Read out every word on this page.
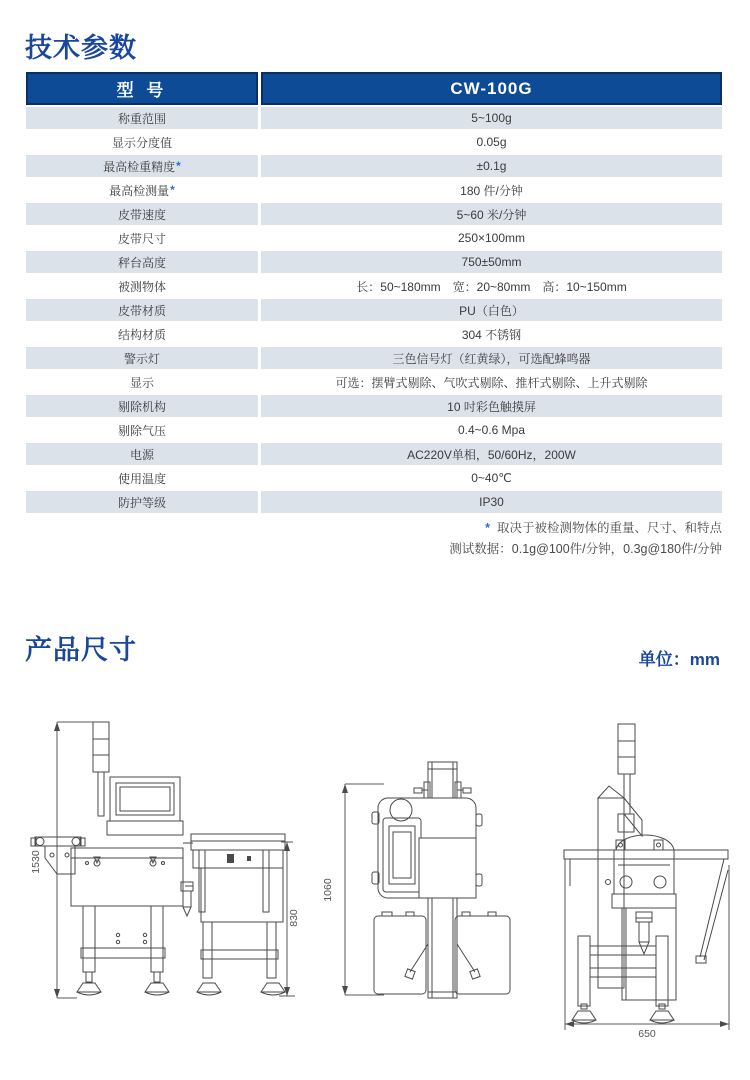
技术参数
型 号	CW-100G
称重范围	5~100g
显示分度值	0.05g
最高检重精度 *	±0.1g
最高检测量 *	180 件/分钟
皮带速度	5~60 米/分钟
皮带尺寸	250×100mm
秤台高度	750±50mm
被测物体	长：50~180mm　宽：20~80mm　高：10~150mm
皮带材质	PU（白色）
结构材质	304 不锈钢
警示灯	三色信号灯（红黄绿），可选配蜂鸣器
显示	可选：摆臂式剔除、气吹式剔除、推杆式剔除、上升式剔除
剔除机构	10 吋彩色触摸屏
剔除气压	0.4~0.6 Mpa
电源	AC220V单相，50/60Hz，200W
使用温度	0~40℃
防护等级	IP30
* 取决于被检测物体的重量、尺寸、和特点
测试数据：0.1g@100件/分钟，0.3g@180件/分钟
产品尺寸	单位：mm
1530
830
1060
650
